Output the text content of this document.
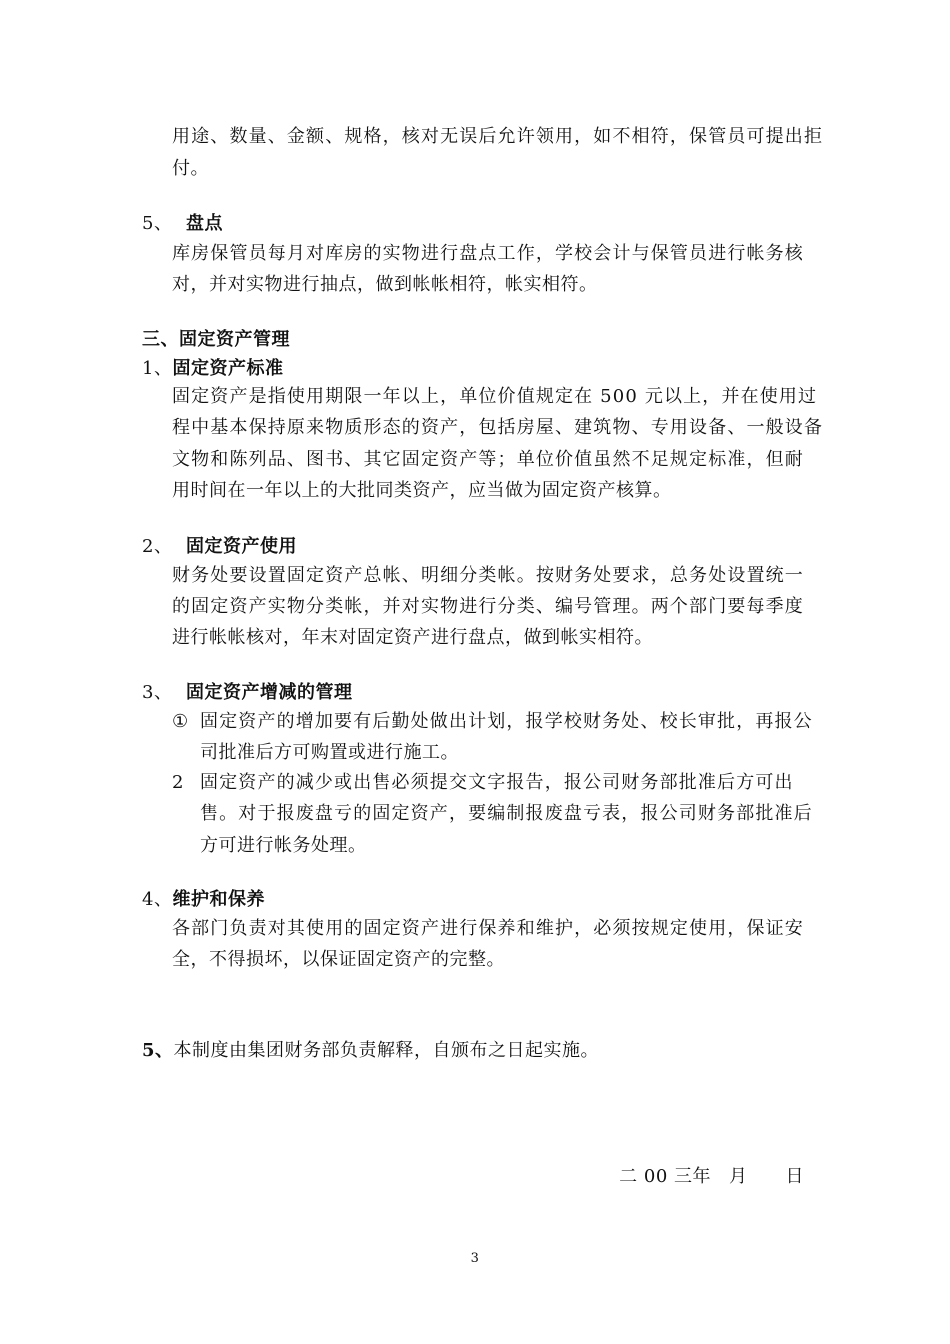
用途、数量、金额、规格，核对无误后允许领用，如不相符，保管员可提出拒
付。
5、 盘点
库房保管员每月对库房的实物进行盘点工作，学校会计与保管员进行帐务核
对，并对实物进行抽点，做到帐帐相符，帐实相符。
三、固定资产管理
1、固定资产标准
固定资产是指使用期限一年以上，单位价值规定在 500 元以上，并在使用过
程中基本保持原来物质形态的资产，包括房屋、建筑物、专用设备、一般设备
文物和陈列品、图书、其它固定资产等；单位价值虽然不足规定标准，但耐
用时间在一年以上的大批同类资产，应当做为固定资产核算。
2、 固定资产使用
财务处要设置固定资产总帐、明细分类帐。按财务处要求，总务处设置统一
的固定资产实物分类帐，并对实物进行分类、编号管理。两个部门要每季度
进行帐帐核对，年末对固定资产进行盘点，做到帐实相符。
3、 固定资产增减的管理
① 固定资产的增加要有后勤处做出计划，报学校财务处、校长审批，再报公
司批准后方可购置或进行施工。
2 固定资产的减少或出售必须提交文字报告，报公司财务部批准后方可出
售。对于报废盘亏的固定资产，要编制报废盘亏表，报公司财务部批准后
方可进行帐务处理。
4、维护和保养
各部门负责对其使用的固定资产进行保养和维护，必须按规定使用，保证安
全，不得损坏，以保证固定资产的完整。
5、本制度由集团财务部负责解释，自颁布之日起实施。
二 00 三年 月 日
3
